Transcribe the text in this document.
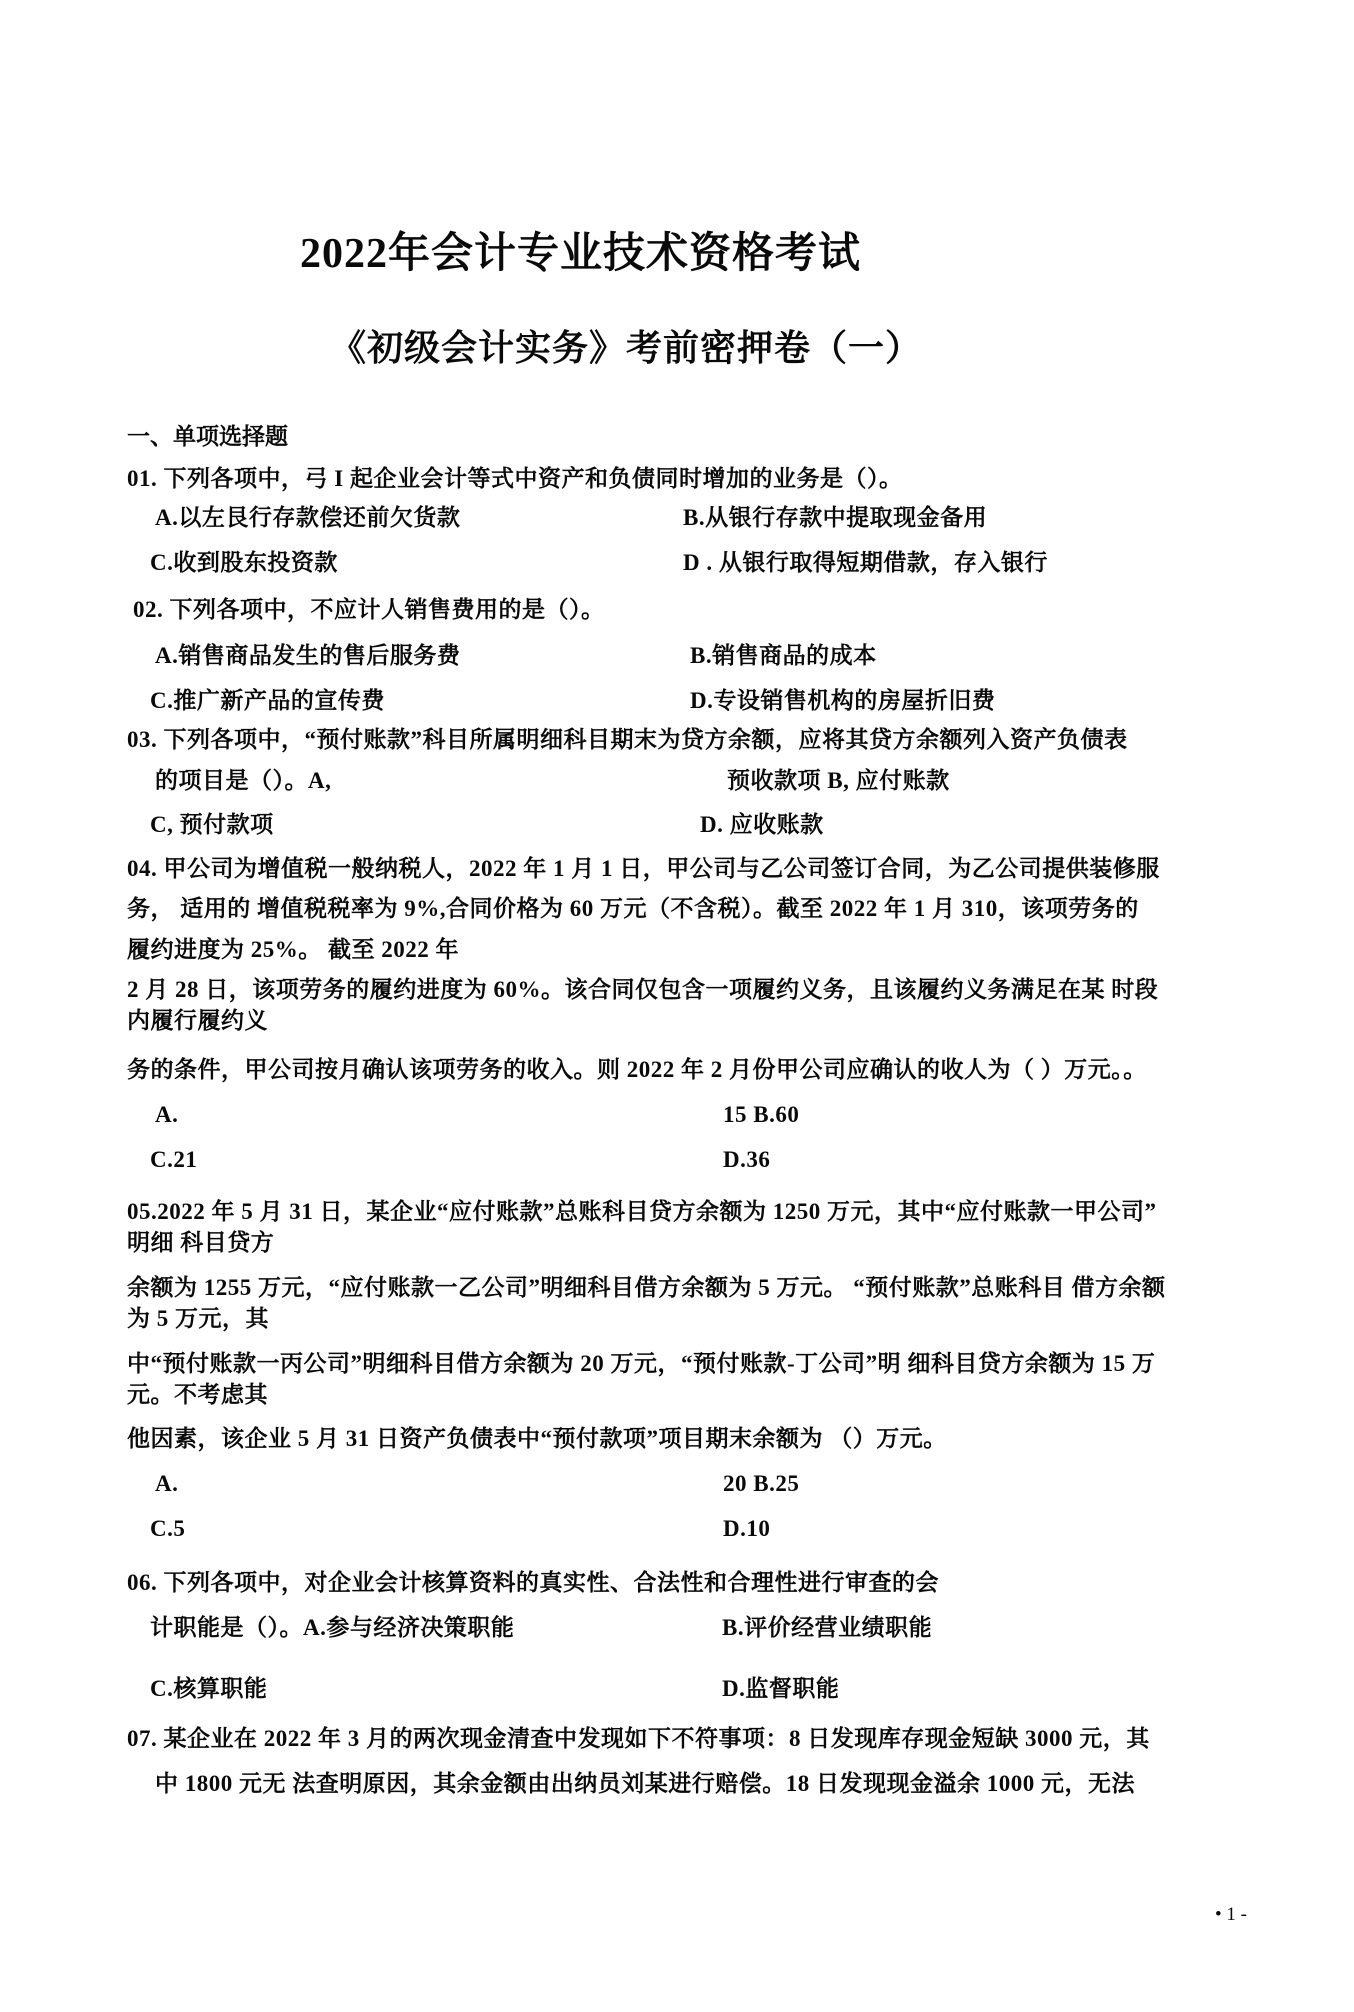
2022年会计专业技术资格考试
《初级会计实务》考前密押卷（一）
一、单项选择题
01. 下列各项中，弓 I 起企业会计等式中资产和负债同时增加的业务是（）。
A.以左艮行存款偿还前欠货款	B.从银行存款中提取现金备用
C.收到股东投资款	D . 从银行取得短期借款，存入银行
02. 下列各项中，不应计人销售费用的是（）。
A.销售商品发生的售后服务费	B.销售商品的成本
C.推广新产品的宣传费	D.专设销售机构的房屋折旧费
03. 下列各项中，“预付账款”科目所属明细科目期末为贷方余额，应将其贷方余额列入资产负债表
的项目是（）。A,	预收款项 B, 应付账款
C, 预付款项	D. 应收账款
04. 甲公司为增值税一般纳税人，2022 年 1 月 1 日，甲公司与乙公司签订合同，为乙公司提供装修服
务， 适用的 增值税税率为 9%,合同价格为 60 万元（不含税）。截至 2022 年 1 月 310，该项劳务的
履约进度为 25%。 截至 2022 年
2 月 28 日，该项劳务的履约进度为 60%。该合同仅包含一项履约义务，且该履约义务满足在某 时段
内履行履约义
务的条件，甲公司按月确认该项劳务的收入。则 2022 年 2 月份甲公司应确认的收人为（ ）万元。。
A.	15 B.60
C.21	D.36
05.2022 年 5 月 31 日，某企业“应付账款”总账科目贷方余额为 1250 万元，其中“应付账款一甲公司”
明细 科目贷方
余额为 1255 万元，“应付账款一乙公司”明细科目借方余额为 5 万元。 “预付账款”总账科目 借方余额
为 5 万元，其
中“预付账款一丙公司”明细科目借方余额为 20 万元，“预付账款-丁公司”明 细科目贷方余额为 15 万
元。不考虑其
他因素，该企业 5 月 31 日资产负债表中“预付款项”项目期末余额为 （）万元。
A.	20 B.25
C.5	D.10
06. 下列各项中，对企业会计核算资料的真实性、合法性和合理性进行审查的会
计职能是（）。A.参与经济决策职能	B.评价经营业绩职能
C.核算职能	D.监督职能
07. 某企业在 2022 年 3 月的两次现金清查中发现如下不符事项：8 日发现库存现金短缺 3000 元，其
中 1800 元无 法查明原因，其余金额由出纳员刘某进行赔偿。18 日发现现金溢余 1000 元，无法
• 1 -
